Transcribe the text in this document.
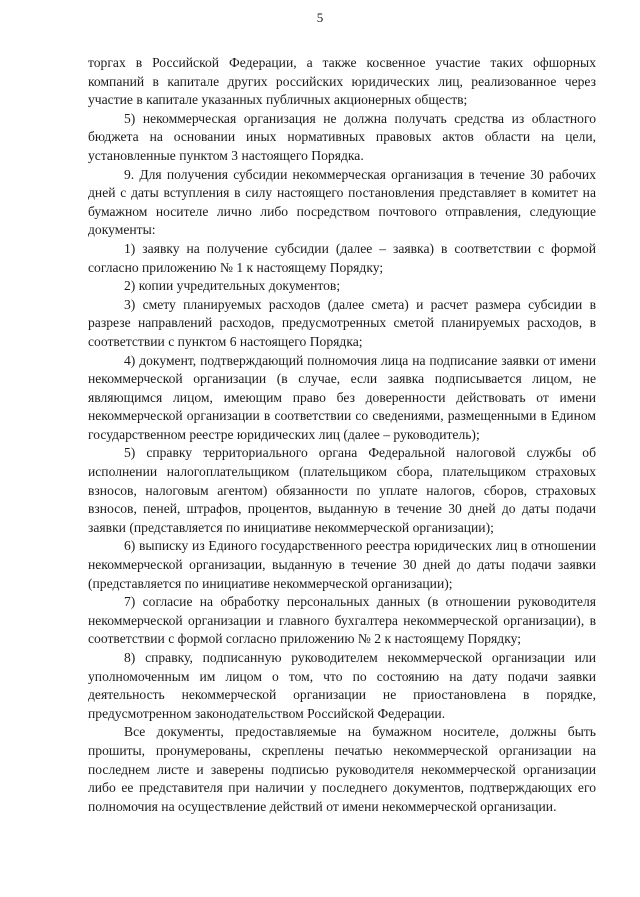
5

торгах в Российской Федерации, а также косвенное участие таких офшорных компаний в капитале других российских юридических лиц, реализованное через участие в капитале указанных публичных акционерных обществ;

5) некоммерческая организация не должна получать средства из областного бюджета на основании иных нормативных правовых актов области на цели, установленные пунктом 3 настоящего Порядка.

9. Для получения субсидии некоммерческая организация в течение 30 рабочих дней с даты вступления в силу настоящего постановления представляет в комитет на бумажном носителе лично либо посредством почтового отправления, следующие документы:

1) заявку на получение субсидии (далее – заявка) в соответствии с формой согласно приложению № 1 к настоящему Порядку;

2) копии учредительных документов;

3) смету планируемых расходов (далее смета) и расчет размера субсидии в разрезе направлений расходов, предусмотренных сметой планируемых расходов, в соответствии с пунктом 6 настоящего Порядка;

4) документ, подтверждающий полномочия лица на подписание заявки от имени некоммерческой организации (в случае, если заявка подписывается лицом, не являющимся лицом, имеющим право без доверенности действовать от имени некоммерческой организации в соответствии со сведениями, размещенными в Едином государственном реестре юридических лиц (далее – руководитель);

5) справку территориального органа Федеральной налоговой службы об исполнении налогоплательщиком (плательщиком сбора, плательщиком страховых взносов, налоговым агентом) обязанности по уплате налогов, сборов, страховых взносов, пеней, штрафов, процентов, выданную в течение 30 дней до даты подачи заявки (представляется по инициативе некоммерческой организации);

6) выписку из Единого государственного реестра юридических лиц в отношении некоммерческой организации, выданную в течение 30 дней до даты подачи заявки (представляется по инициативе некоммерческой организации);

7) согласие на обработку персональных данных (в отношении руководителя некоммерческой организации и главного бухгалтера некоммерческой организации), в соответствии с формой согласно приложению № 2 к настоящему Порядку;

8) справку, подписанную руководителем некоммерческой организации или уполномоченным им лицом о том, что по состоянию на дату подачи заявки деятельность некоммерческой организации не приостановлена в порядке, предусмотренном законодательством Российской Федерации.

Все документы, предоставляемые на бумажном носителе, должны быть прошиты, пронумерованы, скреплены печатью некоммерческой организации на последнем листе и заверены подписью руководителя некоммерческой организации либо ее представителя при наличии у последнего документов, подтверждающих его полномочия на осуществление действий от имени некоммерческой организации.
